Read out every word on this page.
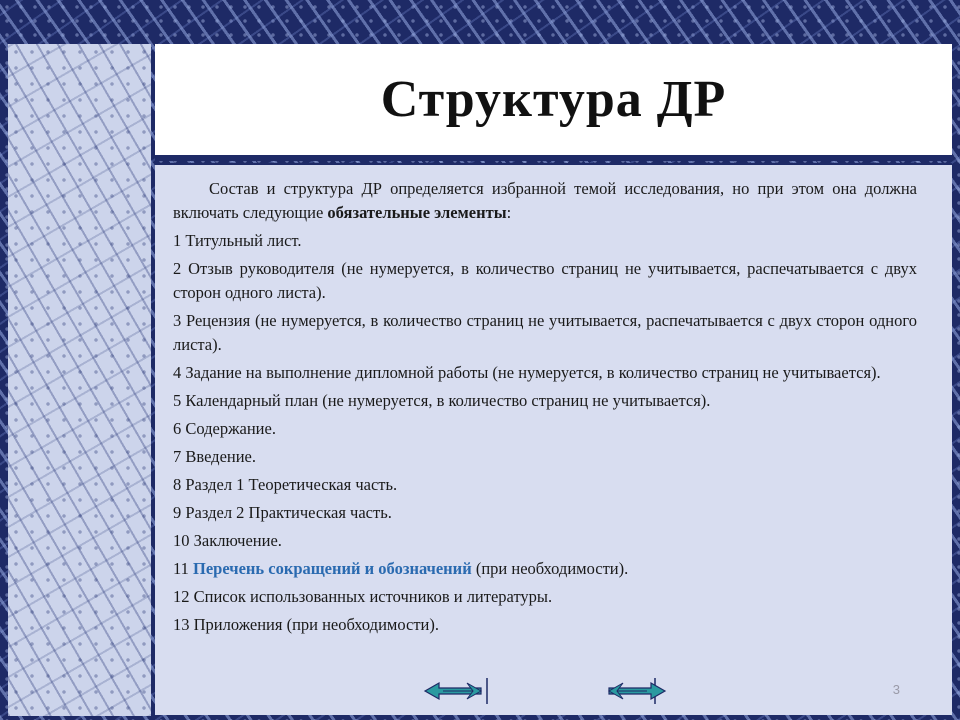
Структура ДР

Состав и структура ДР определяется избранной темой исследования, но при этом она должна включать следующие обязательные элементы:

1 Титульный лист.

2 Отзыв руководителя (не нумеруется, в количество страниц не учитывается, распечатывается с двух сторон одного листа).

3 Рецензия (не нумеруется, в количество страниц не учитывается, распечатывается с двух сторон одного листа).

4 Задание на выполнение дипломной работы (не нумеруется, в количество страниц не учитывается).

5 Календарный план (не нумеруется, в количество страниц не учитывается).

6 Содержание.

7 Введение.

8 Раздел 1 Теоретическая часть.

9 Раздел 2 Практическая часть.

10 Заключение.

11 Перечень сокращений и обозначений (при необходимости).

12 Список использованных источников и литературы.

13 Приложения (при необходимости).

3
